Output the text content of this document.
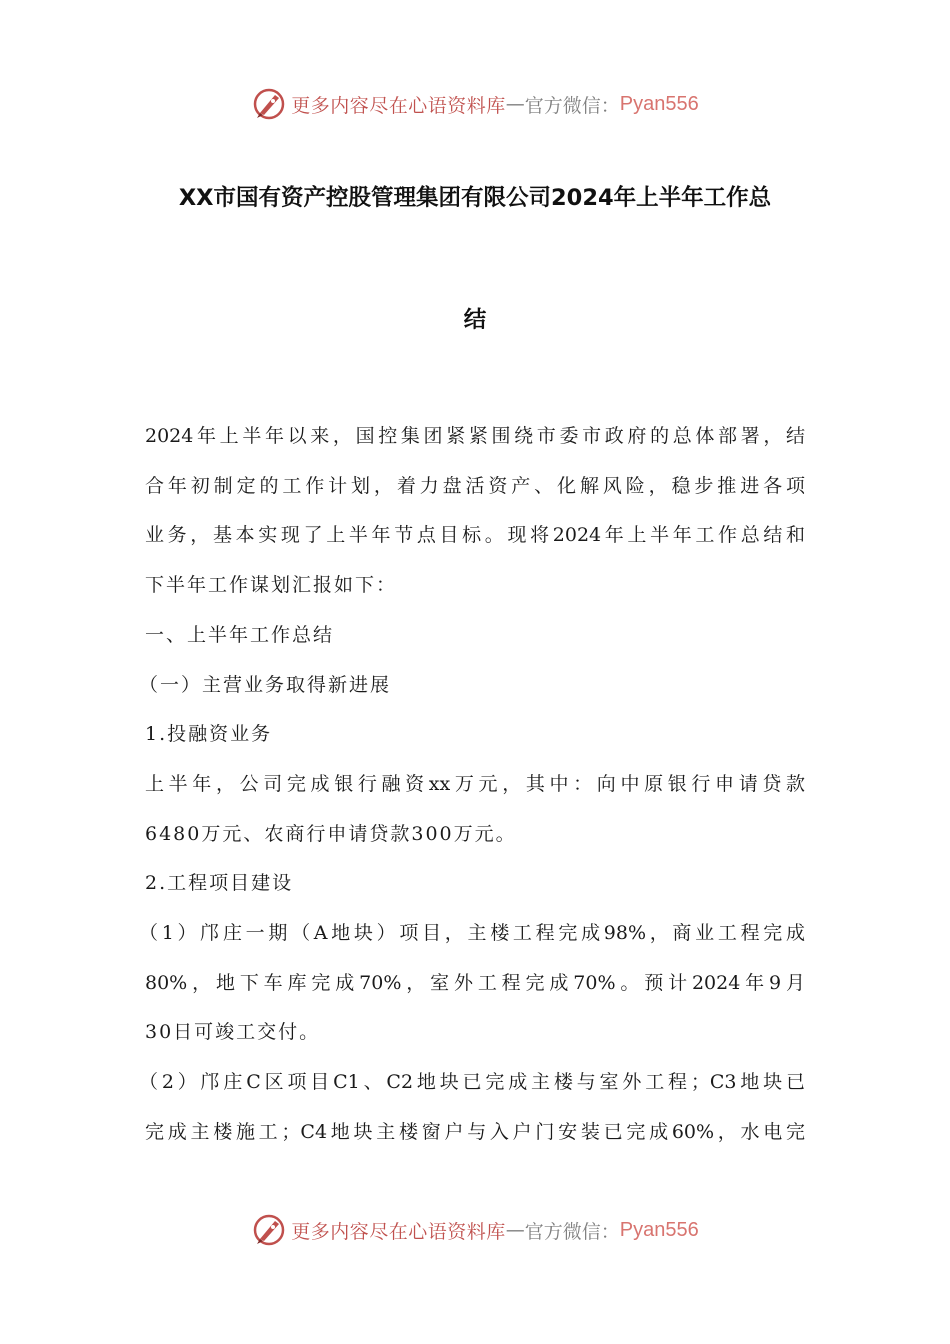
更多内容尽在心语资料库 — 官方微信： Pyan556
XX市国有资产控股管理集团有限公司2024年上半年工作总
结

2024年上半年以来，国控集团紧紧围绕市委市政府的总体部署，结

合年初制定的工作计划，着力盘活资产、化解风险，稳步推进各项

业务，基本实现了上半年节点目标。现将2024年上半年工作总结和

下半年工作谋划汇报如下：

一、上半年工作总结

（一）主营业务取得新进展

1.投融资业务

上半年，公司完成银行融资xx万元，其中：向中原银行申请贷款

6480万元、农商行申请贷款300万元。

2.工程项目建设

（1）邝庄一期（A地块）项目，主楼工程完成98%，商业工程完成

80%，地下车库完成70%，室外工程完成70%。预计2024年9月

30日可竣工交付。

（2）邝庄C区项目C1、C2地块已完成主楼与室外工程；C3地块已

完成主楼施工；C4地块主楼窗户与入户门安装已完成60%，水电完

更多内容尽在心语资料库 — 官方微信： Pyan556
